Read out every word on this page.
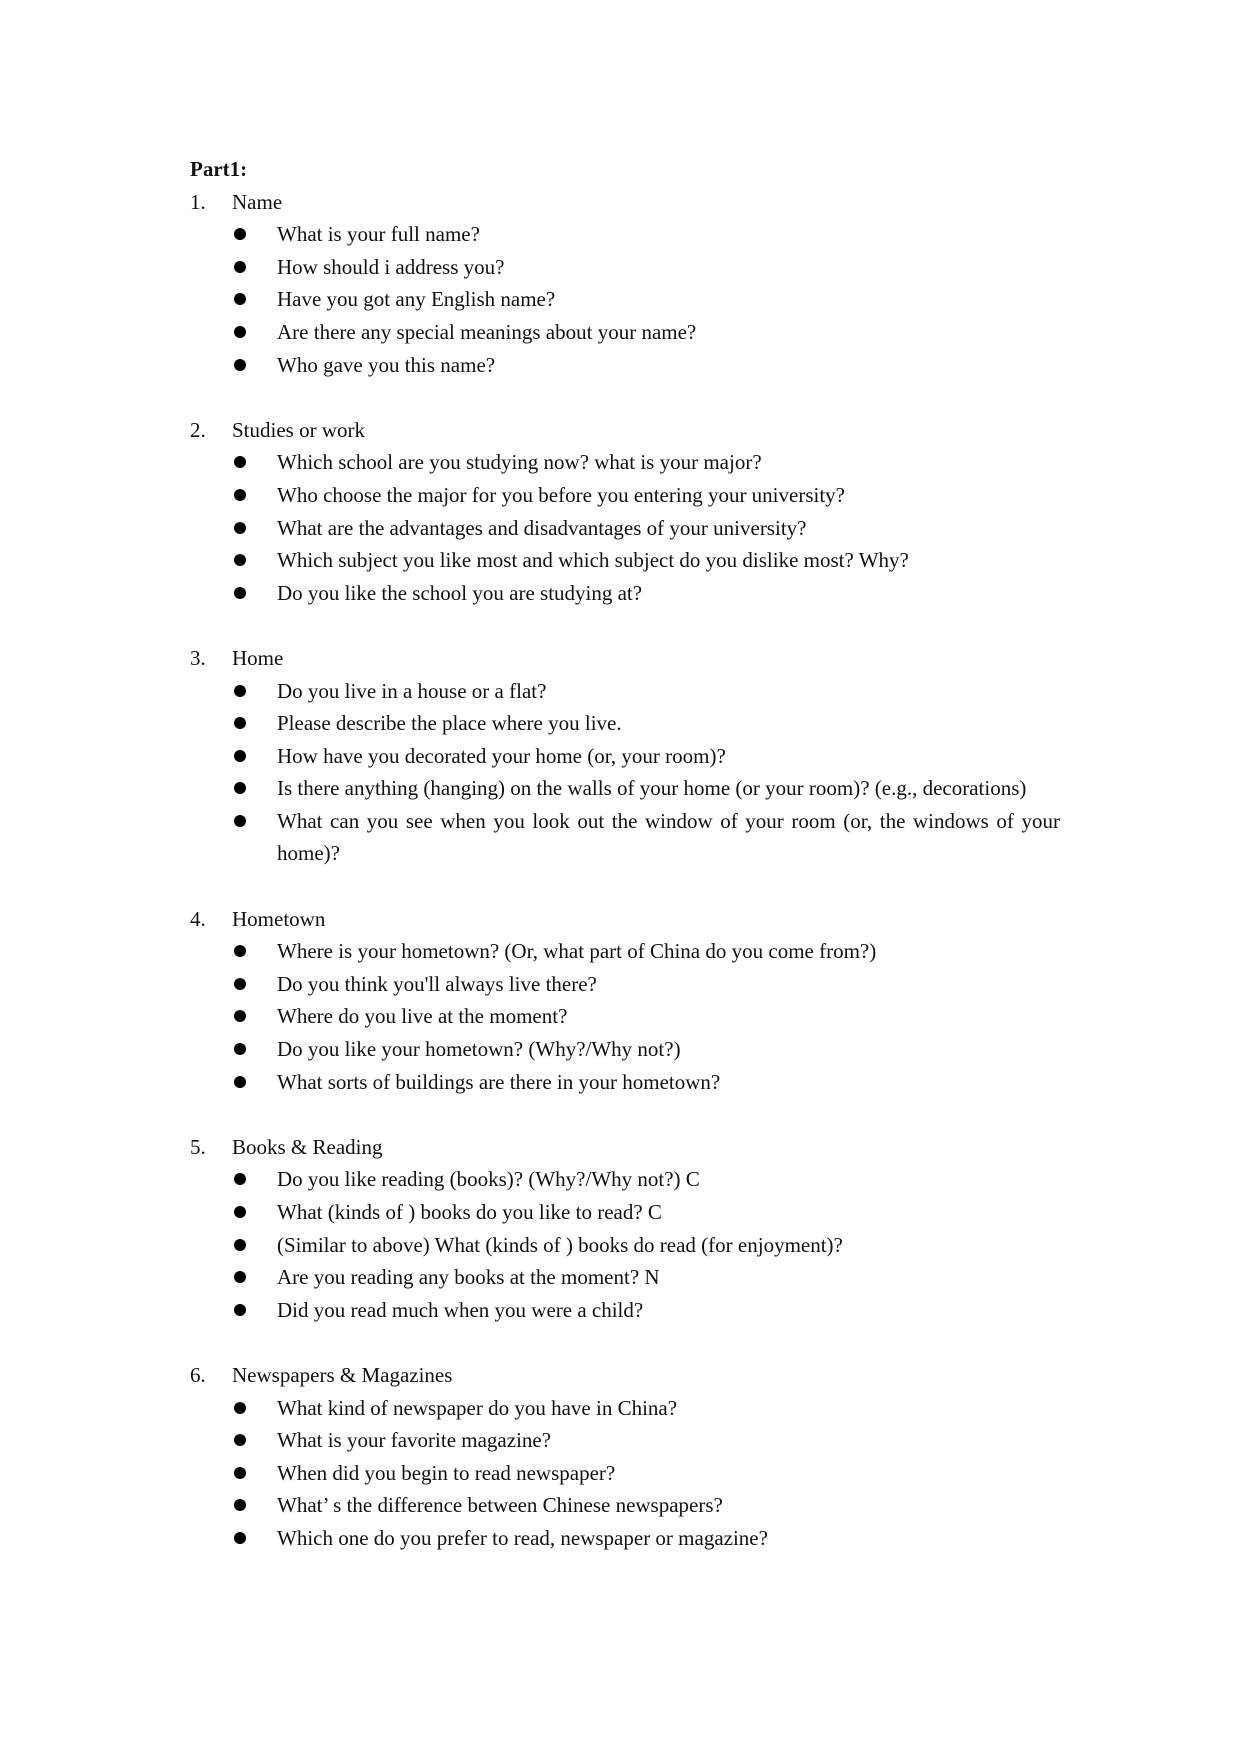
Part1:
1. Name
What is your full name?
How should i address you?
Have you got any English name?
Are there any special meanings about your name?
Who gave you this name?
2. Studies or work
Which school are you studying now? what is your major?
Who choose the major for you before you entering your university?
What are the advantages and disadvantages of your university?
Which subject you like most and which subject do you dislike most? Why?
Do you like the school you are studying at?
3. Home
Do you live in a house or a flat?
Please describe the place where you live.
How have you decorated your home (or, your room)?
Is there anything (hanging) on the walls of your home (or your room)? (e.g., decorations)
What can you see when you look out the window of your room (or, the windows of your home)?
4. Hometown
Where is your hometown? (Or, what part of China do you come from?)
Do you think you'll always live there?
Where do you live at the moment?
Do you like your hometown? (Why?/Why not?)
What sorts of buildings are there in your hometown?
5. Books & Reading
Do you like reading (books)? (Why?/Why not?) C
What (kinds of ) books do you like to read? C
(Similar to above) What (kinds of ) books do read (for enjoyment)?
Are you reading any books at the moment? N
Did you read much when you were a child?
6. Newspapers & Magazines
What kind of newspaper do you have in China?
What is your favorite magazine?
When did you begin to read newspaper?
What’ s the difference between Chinese newspapers?
Which one do you prefer to read, newspaper or magazine?
